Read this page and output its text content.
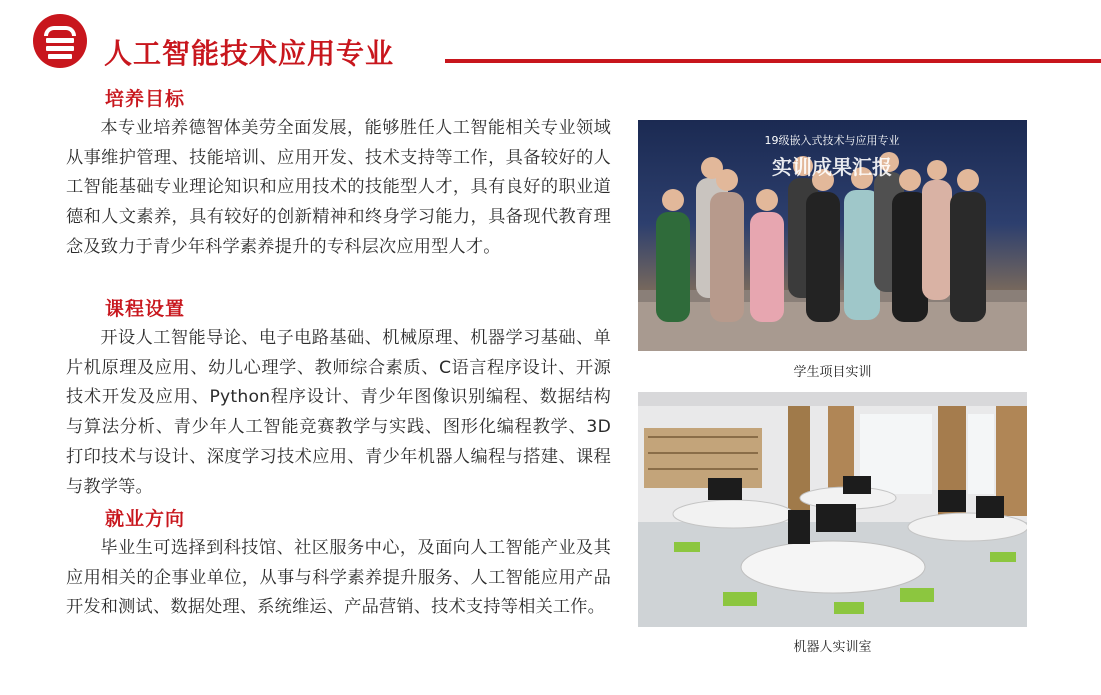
人工智能技术应用专业
培养目标

本专业培养德智体美劳全面发展，能够胜任人工智能相关专业领域从事维护管理、技能培训、应用开发、技术支持等工作，具备较好的人工智能基础专业理论知识和应用技术的技能型人才，具有良好的职业道德和人文素养，具有较好的创新精神和终身学习能力，具备现代教育理念及致力于青少年科学素养提升的专科层次应用型人才。

课程设置

开设人工智能导论、电子电路基础、机械原理、机器学习基础、单片机原理及应用、幼儿心理学、教师综合素质、C语言程序设计、开源技术开发及应用、Python程序设计、青少年图像识别编程、数据结构与算法分析、青少年人工智能竞赛教学与实践、图形化编程教学、3D打印技术与设计、深度学习技术应用、青少年机器人编程与搭建、课程与教学等。

就业方向

毕业生可选择到科技馆、社区服务中心，及面向人工智能产业及其应用相关的企事业单位，从事与科学素养提升服务、人工智能应用产品开发和测试、数据处理、系统维运、产品营销、技术支持等相关工作。

19级嵌入式技术与应用专业
实训成果汇报
学生项目实训
机器人实训室
